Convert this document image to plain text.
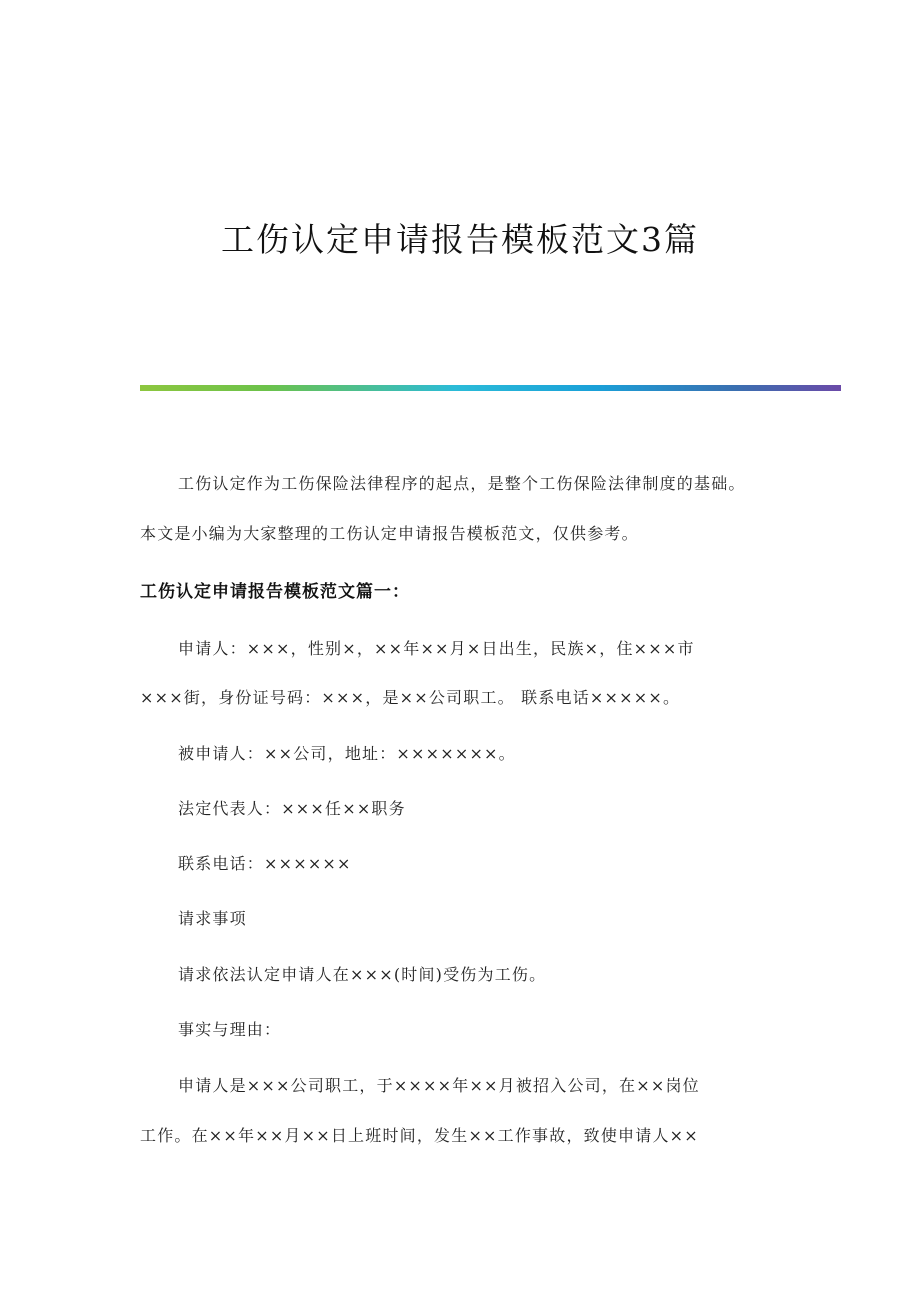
工伤认定申请报告模板范文3篇

工伤认定作为工伤保险法律程序的起点，是整个工伤保险法律制度的基础。

本文是小编为大家整理的工伤认定申请报告模板范文，仅供参考。

工伤认定申请报告模板范文篇一：

申请人：×××，性别×，××年××月×日出生，民族×，住×××市

×××街，身份证号码：×××，是××公司职工。 联系电话×××××。

被申请人：××公司，地址：×××××××。

法定代表人：×××任××职务

联系电话：××××××

请求事项

请求依法认定申请人在×××(时间)受伤为工伤。

事实与理由：

申请人是×××公司职工，于××××年××月被招入公司，在××岗位

工作。在××年××月××日上班时间，发生××工作事故，致使申请人××
